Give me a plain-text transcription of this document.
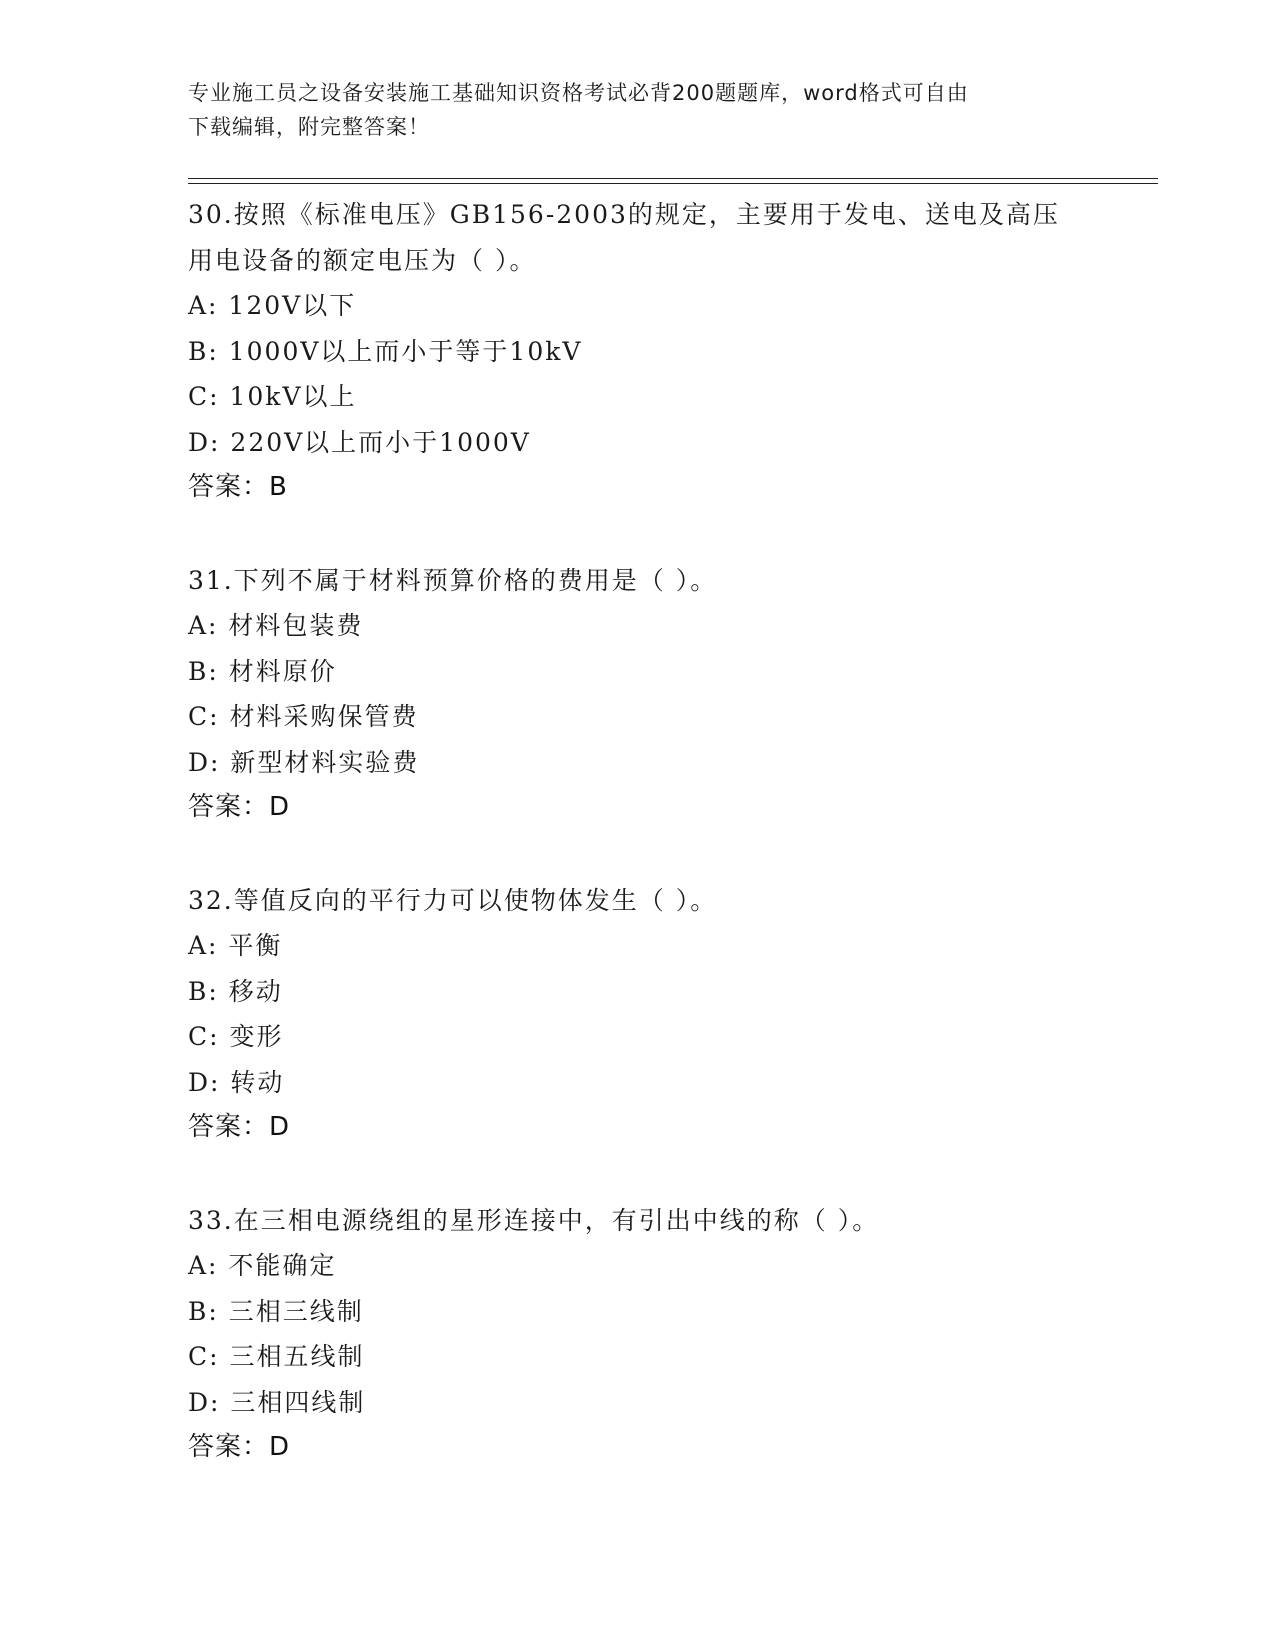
专业施工员之设备安装施工基础知识资格考试必背200题题库，word格式可自由
下载编辑，附完整答案！
30.按照《标准电压》GB156-2003的规定，主要用于发电、送电及高压
用电设备的额定电压为（ ）。
A: 120V以下
B: 1000V以上而小于等于10kV
C: 10kV以上
D: 220V以上而小于1000V
答案：B
31.下列不属于材料预算价格的费用是（ ）。
A: 材料包装费
B: 材料原价
C: 材料采购保管费
D: 新型材料实验费
答案：D
32.等值反向的平行力可以使物体发生（ ）。
A: 平衡
B: 移动
C: 变形
D: 转动
答案：D
33.在三相电源绕组的星形连接中，有引出中线的称（ ）。
A: 不能确定
B: 三相三线制
C: 三相五线制
D: 三相四线制
答案：D
